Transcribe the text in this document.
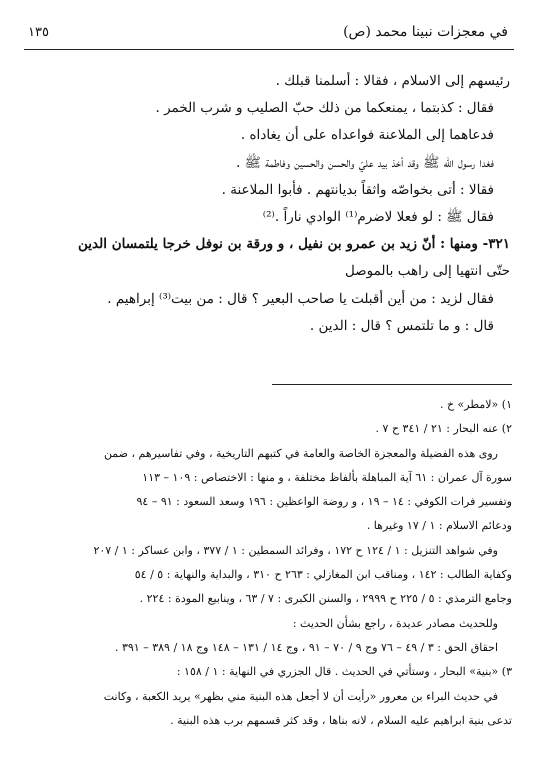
١٣٥	في معجزات نبينا محمد (ص)

رئيسهم إلى الاسلام ، فقالا : أسلمنا قبلك .

فقال : كذبتما ، يمنعكما من ذلك حبّ الصليب و شرب الخمر .

فدعاهما إلى الملاعنة فواعداه على أن يغاداه .

فغدا رسول الله ﷺ وقد أخذ بيد عليّ والحسن والحسين وفاطمة ﷺ .

فقالا : أتى بخواصّه واثقاً بديانتهم . فأبوا الملاعنة .

فقال ﷺ : لو فعلا لاضرم⁽¹⁾ الوادي ناراً .⁽²⁾

٣٢١- ومنها : أنّ زيد بن عمرو بن نفيل ، و ورقة بن نوفل خرجا يلتمسان الدين

حتّى انتهيا إلى راهب بالموصل

فقال لزيد : من أين أقبلت يا صاحب البعير ؟ قال : من بيت⁽³⁾ إبراهيم .

قال : و ما تلتمس ؟ قال : الدين .

١) «لامطر» خ .

٢) عنه البحار : ٢١ / ٣٤١ ح ٧ .

روى هذه الفضيلة والمعجزة الخاصة والعامة في كتبهم التاريخية ، وفي تفاسيرهم ، ضمن

سورة آل عمران : ٦١ آية المباهلة بألفاظ مختلفة ، و منها : الاختصاص : ١٠٩ – ١١٣

وتفسير فرات الكوفي : ١٤ – ١٩ ، و روضة الواعظين : ١٩٦ وسعد السعود : ٩١ – ٩٤

ودعائم الاسلام : ١ / ١٧ وغيرها .

وفي شواهد التنزيل : ١ / ١٢٤ ح ١٧٢ ، وفرائد السمطين : ١ / ٣٧٧ ، وابن عساكر : ١ / ٢٠٧

وكفاية الطالب : ١٤٢ ، ومناقب ابن المغازلي : ٢٦٣ ح ٣١٠ ، والبداية والنهاية : ٥ / ٥٤

وجامع الترمذي : ٥ / ٢٢٥ ح ٢٩٩٩ ، والسنن الكبرى : ٧ / ٦٣ ، وينابيع المودة : ٢٢٤ .

وللحديث مصادر عديدة ، راجع بشأن الحديث :

احقاق الحق : ٣ / ٤٩ – ٧٦ وج ٩ / ٧٠ – ٩١ ، وج ١٤ / ١٣١ – ١٤٨ وج ١٨ / ٣٨٩ – ٣٩١ .

٣) «بنية» البحار ، وستأتي في الحديث . قال الجزري في النهاية : ١ / ١٥٨ :

في حديث البراء بن معرور «رأيت أن لا أجعل هذه البنية مني بظهر» يريد الكعبة ، وكانت

تدعى بنية ابراهيم عليه السلام ، لانه بناها ، وقد كثر قسمهم برب هذه البنية .
